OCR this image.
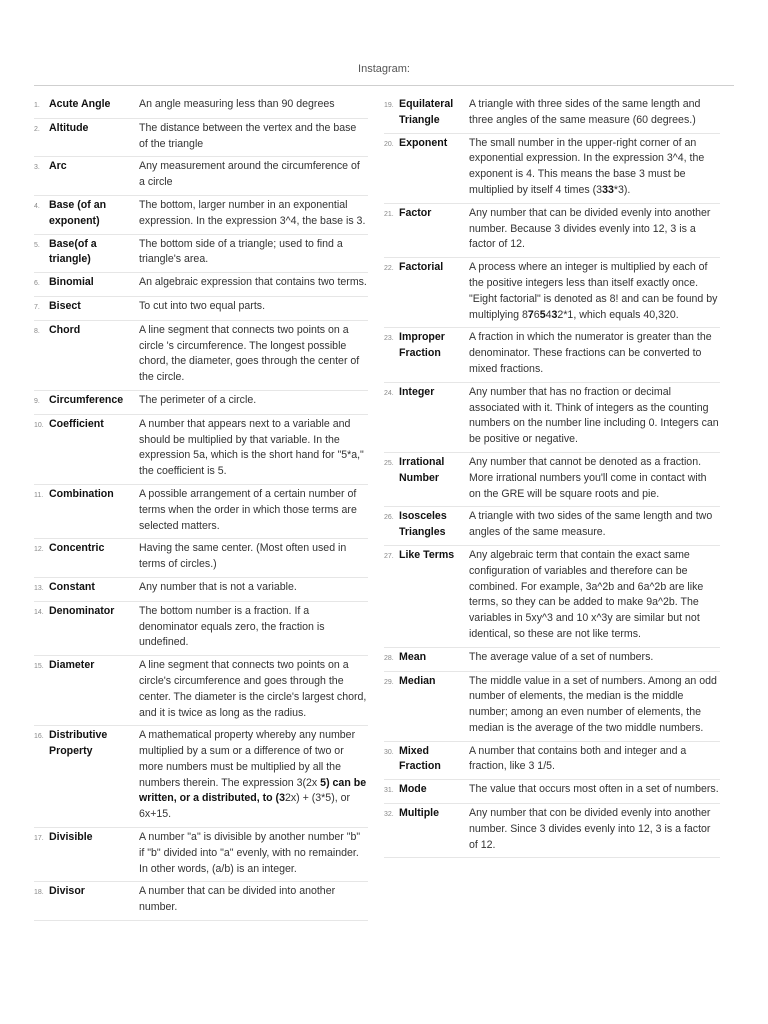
Instagram:
1. Acute Angle	An angle measuring less than 90 degrees
2. Altitude	The distance between the vertex and the base of the triangle
3. Arc	Any measurement around the circumference of a circle
4. Base (of an exponent)
The bottom, larger number in an exponential expression. In the expression 3^4, the base is 3.
5. Base(of a triangle)
The bottom side of a triangle; used to find a triangle's area.
6. Binomial	An algebraic expression that contains two terms.
7. Bisect	To cut into two equal parts.
8. Chord	A line segment that connects two points on a circle 's circumference. The longest possible chord, the diameter, goes through the center of the circle.
9. Circumference	The perimeter of a circle.
10. Coefficient	A number that appears next to a variable and should be multiplied by that variable. In the expression 5a, which is the short hand for "5*a," the coefficient is 5.
11. Combination	A possible arrangement of a certain number of terms when the order in which those terms are selected matters.
12. Concentric	Having the same center. (Most often used in terms of circles.)
13. Constant	Any number that is not a variable.
14. Denominator	The bottom number is a fraction. If a denominator equals zero, the fraction is undefined.
15. Diameter	A line segment that connects two points on a circle's circumference and goes through the center. The diameter is the circle's largest chord, and it is twice as long as the radius.
16. Distributive Property
A mathematical property whereby any number multiplied by a sum or a difference of two or more numbers must be multiplied by all the numbers therein. The expression 3(2x 5) can be written, or a distributed, to (32x) + (3*5), or 6x+15.
17. Divisible	A number "a" is divisible by another number "b" if "b" divided into "a" evenly, with no remainder. In other words, (a/b) is an integer.
18. Divisor	A number that can be divided into another number.
19. Equilateral Triangle
A triangle with three sides of the same length and three angles of the same measure (60 degrees.)
20. Exponent	The small number in the upper-right corner of an exponential expression. In the expression 3^4, the exponent is 4. This means the base 3 must be multiplied by itself 4 times (333*3).
21. Factor	Any number that can be divided evenly into another number. Because 3 divides evenly into 12, 3 is a factor of 12.
22. Factorial	A process where an integer is multiplied by each of the positive integers less than itself exactly once. "Eight factorial" is denoted as 8! and can be found by multiplying 8765432*1, which equals 40,320.
23. Improper Fraction
A fraction in which the numerator is greater than the denominator. These fractions can be converted to mixed fractions.
24. Integer	Any number that has no fraction or decimal associated with it. Think of integers as the counting numbers on the number line including 0. Integers can be positive or negative.
25. Irrational Number
Any number that cannot be denoted as a fraction. More irrational numbers you'll come in contact with on the GRE will be square roots and pie.
26. Isosceles Triangles
A triangle with two sides of the same length and two angles of the same measure.
27. Like Terms	Any algebraic term that contain the exact same configuration of variables and therefore can be combined. For example, 3a^2b and 6a^2b are like terms, so they can be added to make 9a^2b. The variables in 5xy^3 and 10 x^3y are similar but not identical, so these are not like terms.
28. Mean	The average value of a set of numbers.
29. Median	The middle value in a set of numbers. Among an odd number of elements, the median is the middle number; among an even number of elements, the median is the average of the two middle numbers.
30. Mixed Fraction
A number that contains both and integer and a fraction, like 3 1/5.
31. Mode	The value that occurs most often in a set of numbers.
32. Multiple	Any number that con be divided evenly into another number. Since 3 divides evenly into 12, 3 is a factor of 12.
